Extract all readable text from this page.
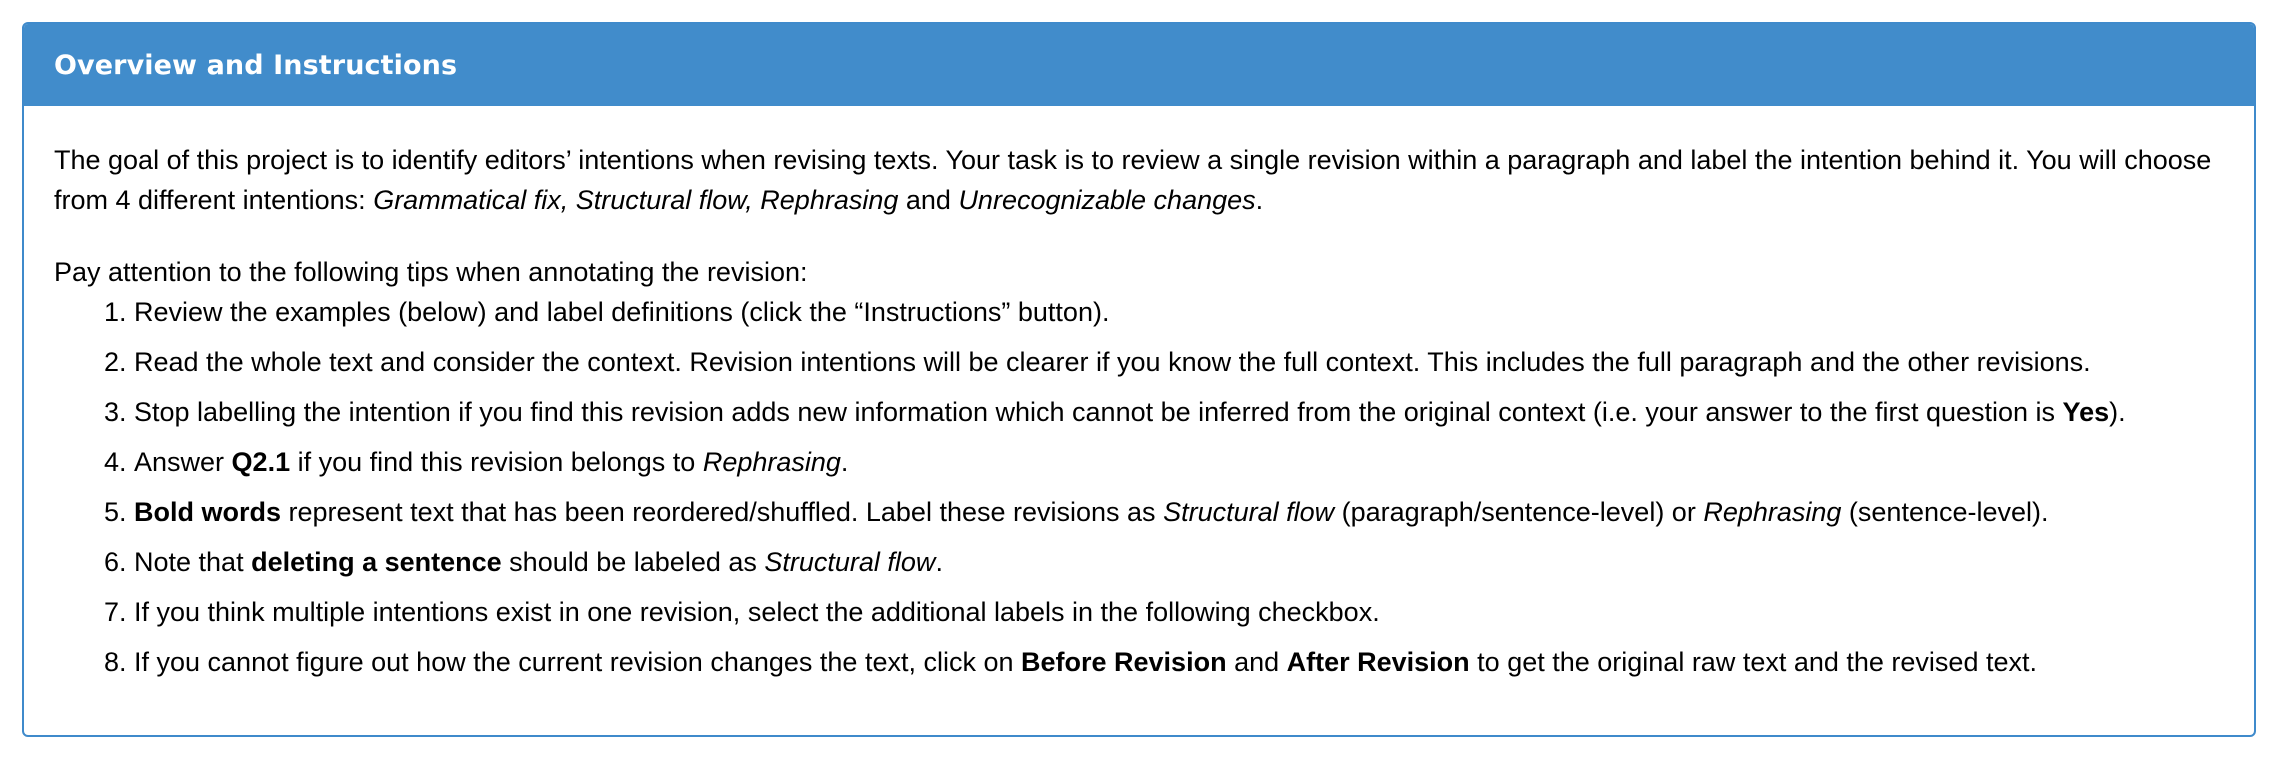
Overview and Instructions

The goal of this project is to identify editors’ intentions when revising texts. Your task is to review a single revision within a paragraph and label the intention behind it. You will choose from 4 different intentions: Grammatical fix, Structural flow, Rephrasing and Unrecognizable changes.

Pay attention to the following tips when annotating the revision:

1. Review the examples (below) and label definitions (click the “Instructions” button).
2. Read the whole text and consider the context. Revision intentions will be clearer if you know the full context. This includes the full paragraph and the other revisions.
3. Stop labelling the intention if you find this revision adds new information which cannot be inferred from the original context (i.e. your answer to the first question is Yes).
4. Answer Q2.1 if you find this revision belongs to Rephrasing.
5. Bold words represent text that has been reordered/shuffled. Label these revisions as Structural flow (paragraph/sentence-level) or Rephrasing (sentence-level).
6. Note that deleting a sentence should be labeled as Structural flow.
7. If you think multiple intentions exist in one revision, select the additional labels in the following checkbox.
8. If you cannot figure out how the current revision changes the text, click on Before Revision and After Revision to get the original raw text and the revised text.
